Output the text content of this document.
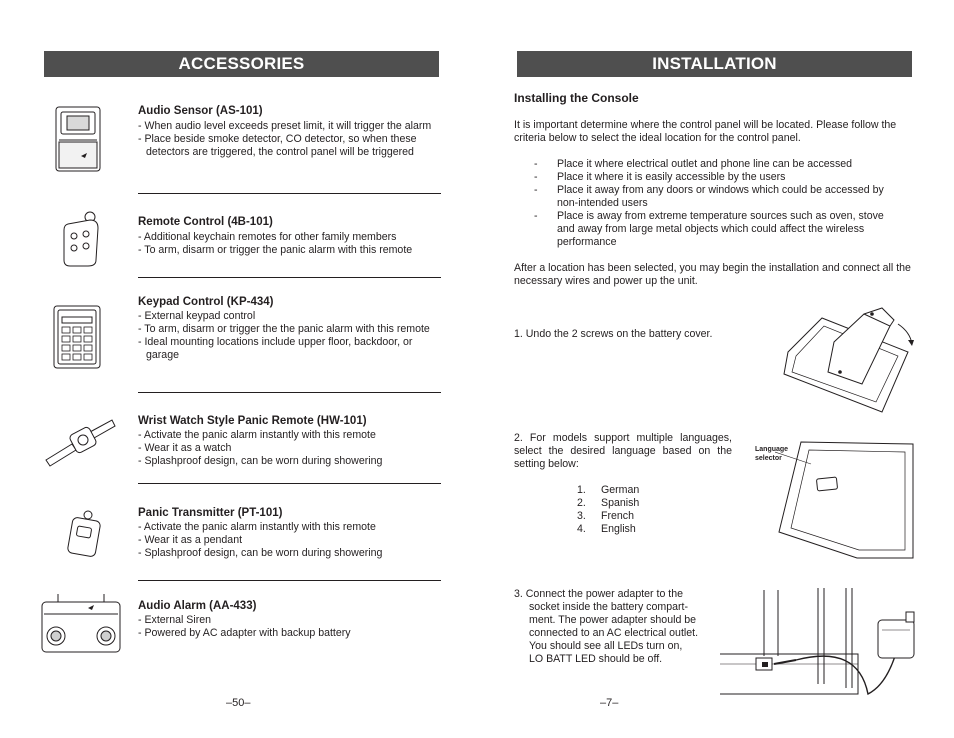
ACCESSORIES
Audio Sensor (AS-101)

- When audio level exceeds preset limit, it will trigger the alarm

- Place beside smoke detector, CO detector, so when these detectors are triggered, the control panel will be triggered

Remote Control (4B-101)

- Additional keychain remotes for other family members

- To arm, disarm or trigger the panic alarm with this remote

Keypad Control (KP-434)

- External keypad control

- To arm, disarm or trigger the the panic alarm with this remote

- Ideal mounting locations include upper floor, backdoor, or garage

Wrist Watch Style Panic Remote (HW-101)

- Activate the panic alarm instantly with this remote

- Wear it as a watch

- Splashproof design, can be worn during showering

Panic Transmitter (PT-101)

- Activate the panic alarm instantly with this remote

- Wear it as a pendant

- Splashproof design, can be worn during showering

Audio Alarm (AA-433)

- External Siren

- Powered by AC adapter with backup battery

–50–
INSTALLATION
Installing the Console
It is important determine where the control panel will be located. Please follow the criteria below to select the ideal location for the control panel.
- Place it where electrical outlet and phone line can be accessed
- Place it where it is easily accessible by the users
- Place it away from any doors or windows which could be accessed by non-intended users
- Place is away from extreme temperature sources such as oven, stove and away from large metal objects which could affect the wireless performance
After a location has been selected, you may begin the installation and connect all the necessary wires and power up the unit.
1. Undo the 2 screws on the battery cover.
2. For models support multiple languages, select the desired language based on the setting below:
1. German
2. Spanish
3. French
4. English
Language selector
3. Connect the power adapter to the socket inside the battery compart-ment. The power adapter should be connected to an AC electrical outlet. You should see all LEDs turn on, LO BATT LED should be off.
–7–
